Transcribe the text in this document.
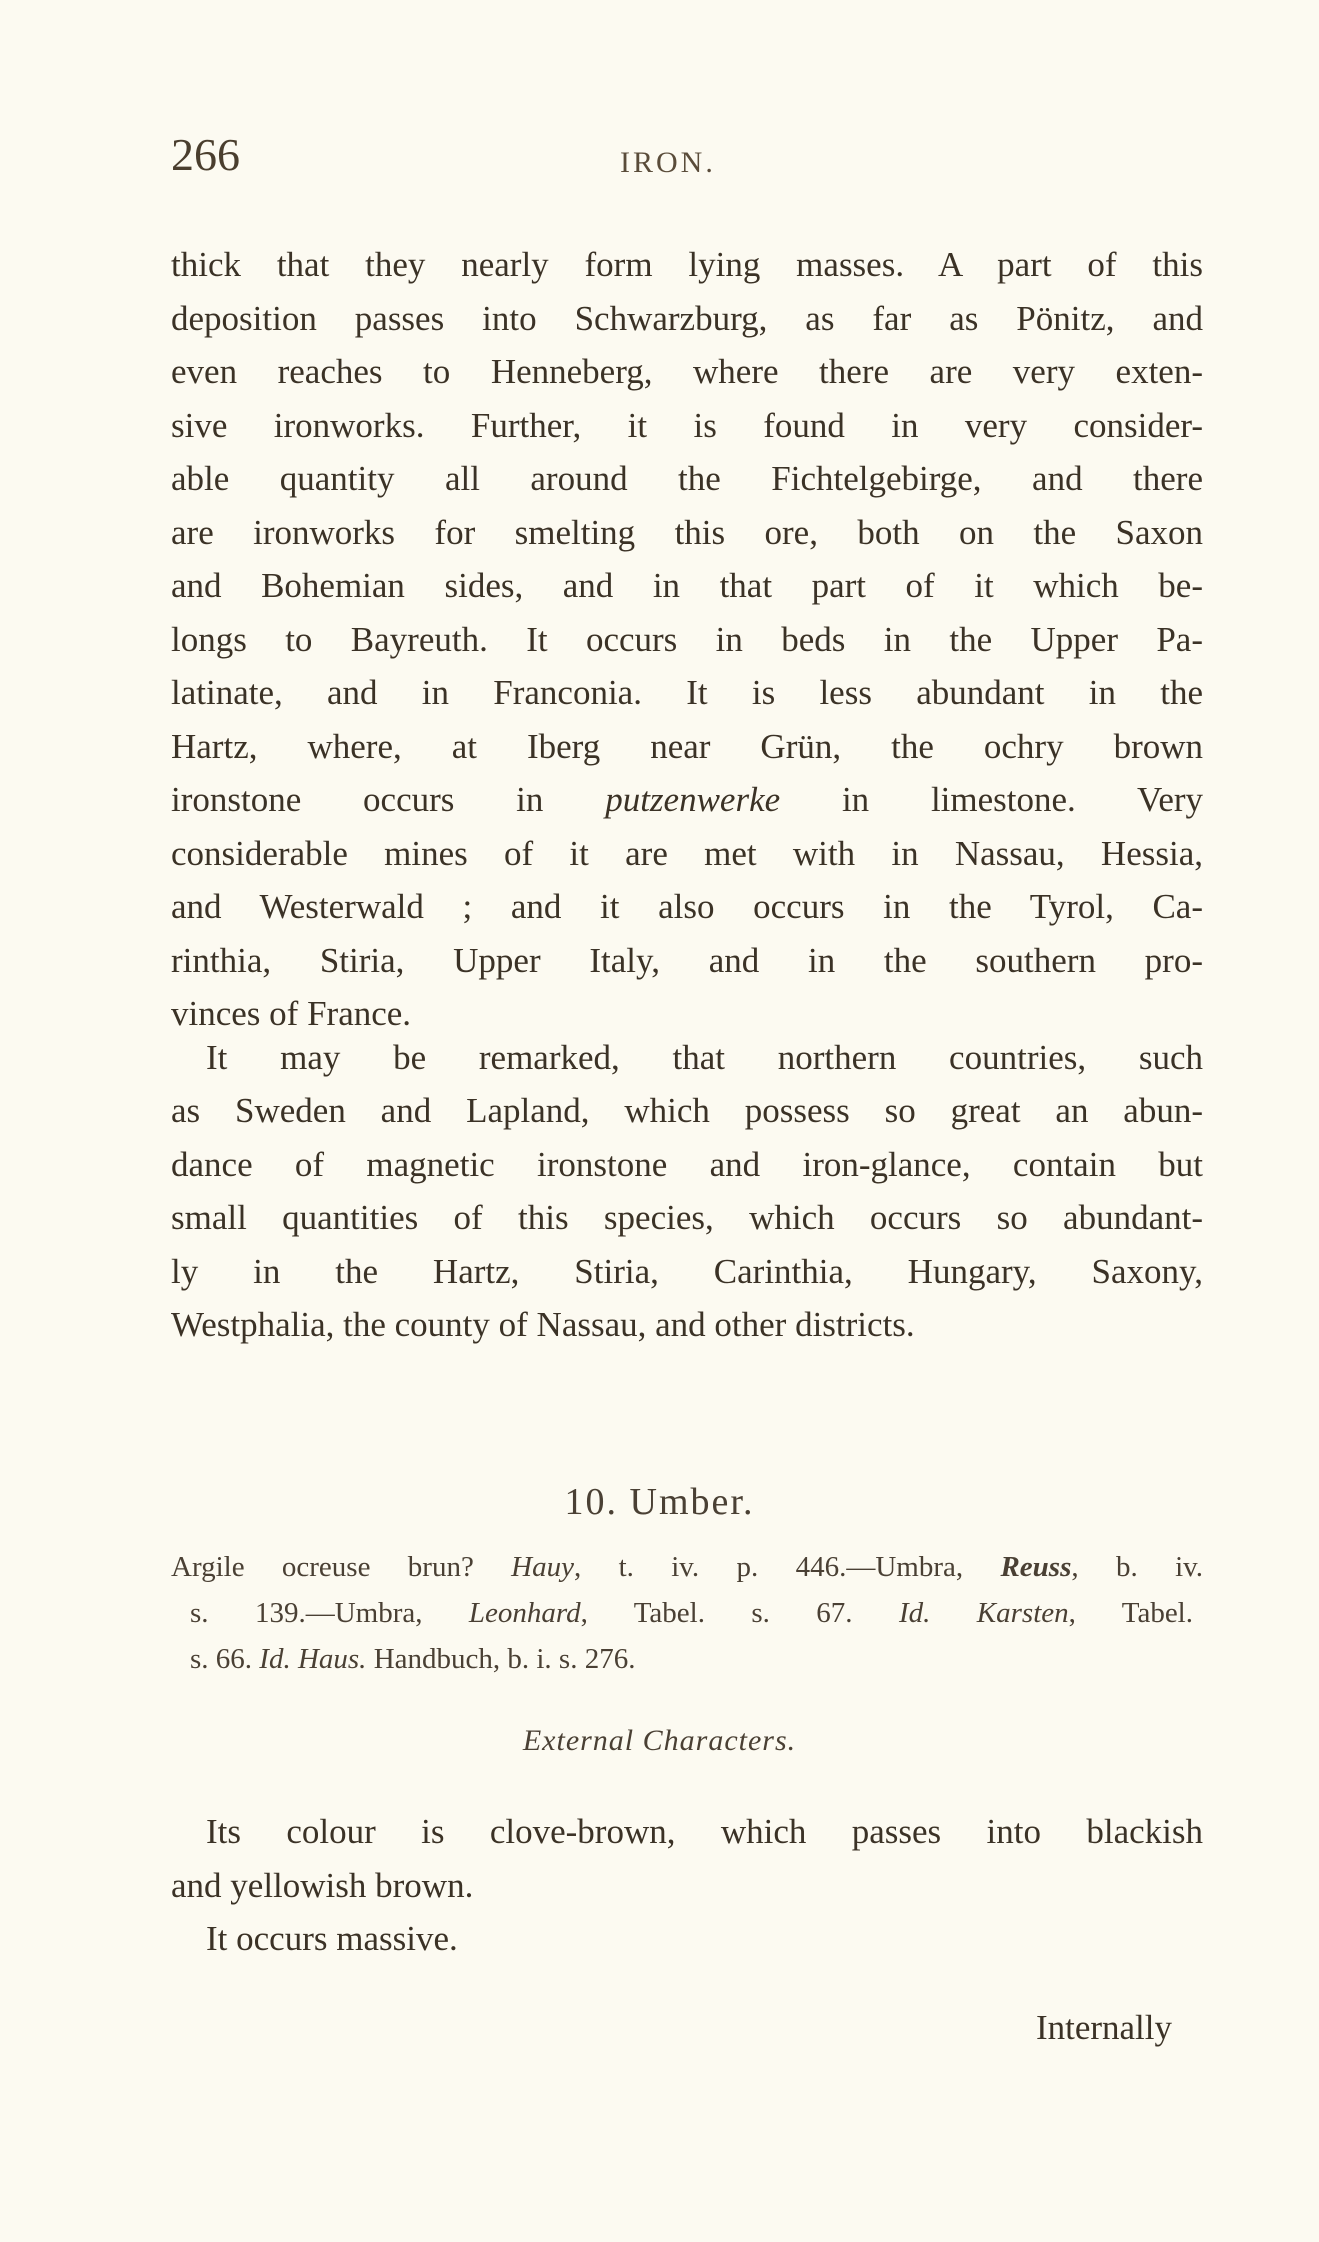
266	IRON.
thick that they nearly form lying masses. A part of this
deposition passes into Schwarzburg, as far as Pönitz, and
even reaches to Henneberg, where there are very exten-
sive ironworks. Further, it is found in very consider-
able quantity all around the Fichtelgebirge, and there
are ironworks for smelting this ore, both on the Saxon
and Bohemian sides, and in that part of it which be-
longs to Bayreuth. It occurs in beds in the Upper Pa-
latinate, and in Franconia. It is less abundant in the
Hartz, where, at Iberg near Grün, the ochry brown
ironstone occurs in putzenwerke in limestone. Very
considerable mines of it are met with in Nassau, Hessia,
and Westerwald ; and it also occurs in the Tyrol, Ca-
rinthia, Stiria, Upper Italy, and in the southern pro-
vinces of France.
It may be remarked, that northern countries, such
as Sweden and Lapland, which possess so great an abun-
dance of magnetic ironstone and iron-glance, contain but
small quantities of this species, which occurs so abundant-
ly in the Hartz, Stiria, Carinthia, Hungary, Saxony,
Westphalia, the county of Nassau, and other districts.
10. Umber.
Argile ocreuse brun? Hauy, t. iv. p. 446.—Umbra, Reuss, b. iv.
s. 139.—Umbra, Leonhard, Tabel. s. 67. Id. Karsten, Tabel.
s. 66. Id. Haus. Handbuch, b. i. s. 276.
External Characters.
Its colour is clove-brown, which passes into blackish
and yellowish brown.
It occurs massive.
Internally
